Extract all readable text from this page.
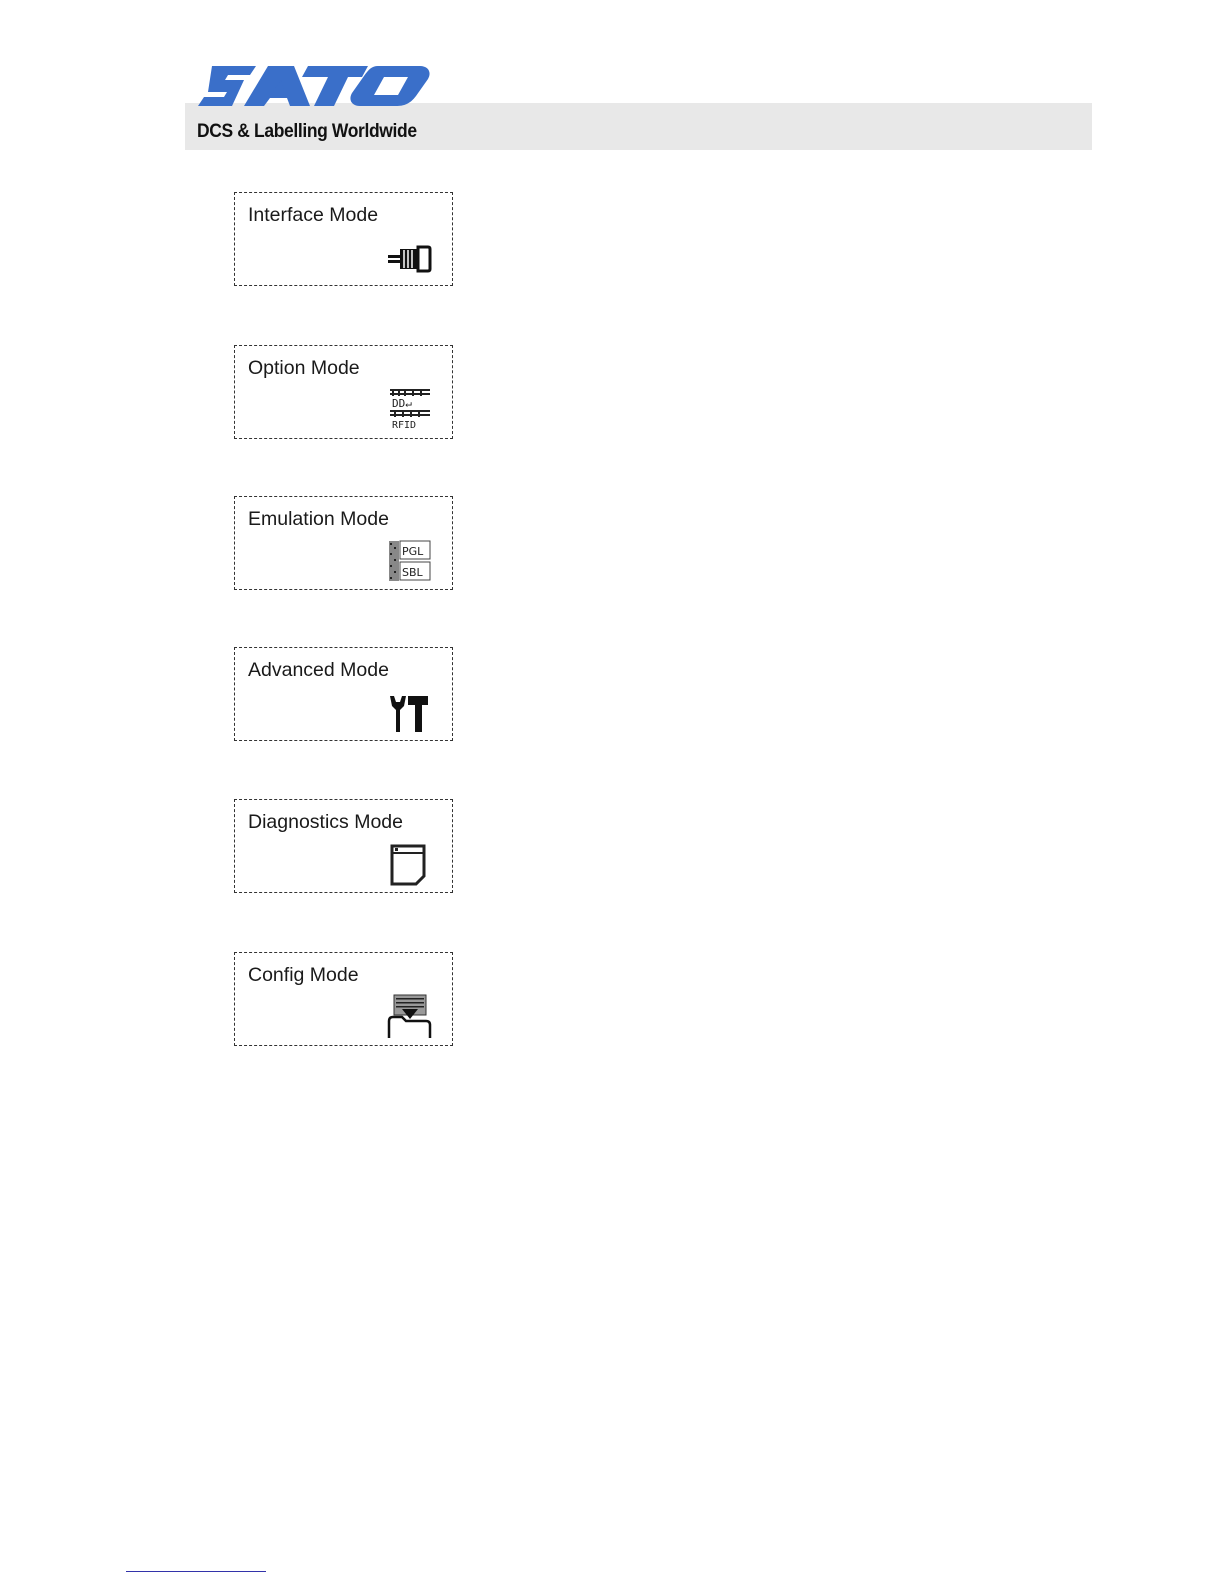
DCS & Labelling Worldwide
Interface Mode
Option Mode
DD↵
RFID
Emulation Mode
PGL
SBL
Advanced Mode
Diagnostics Mode
Config Mode
